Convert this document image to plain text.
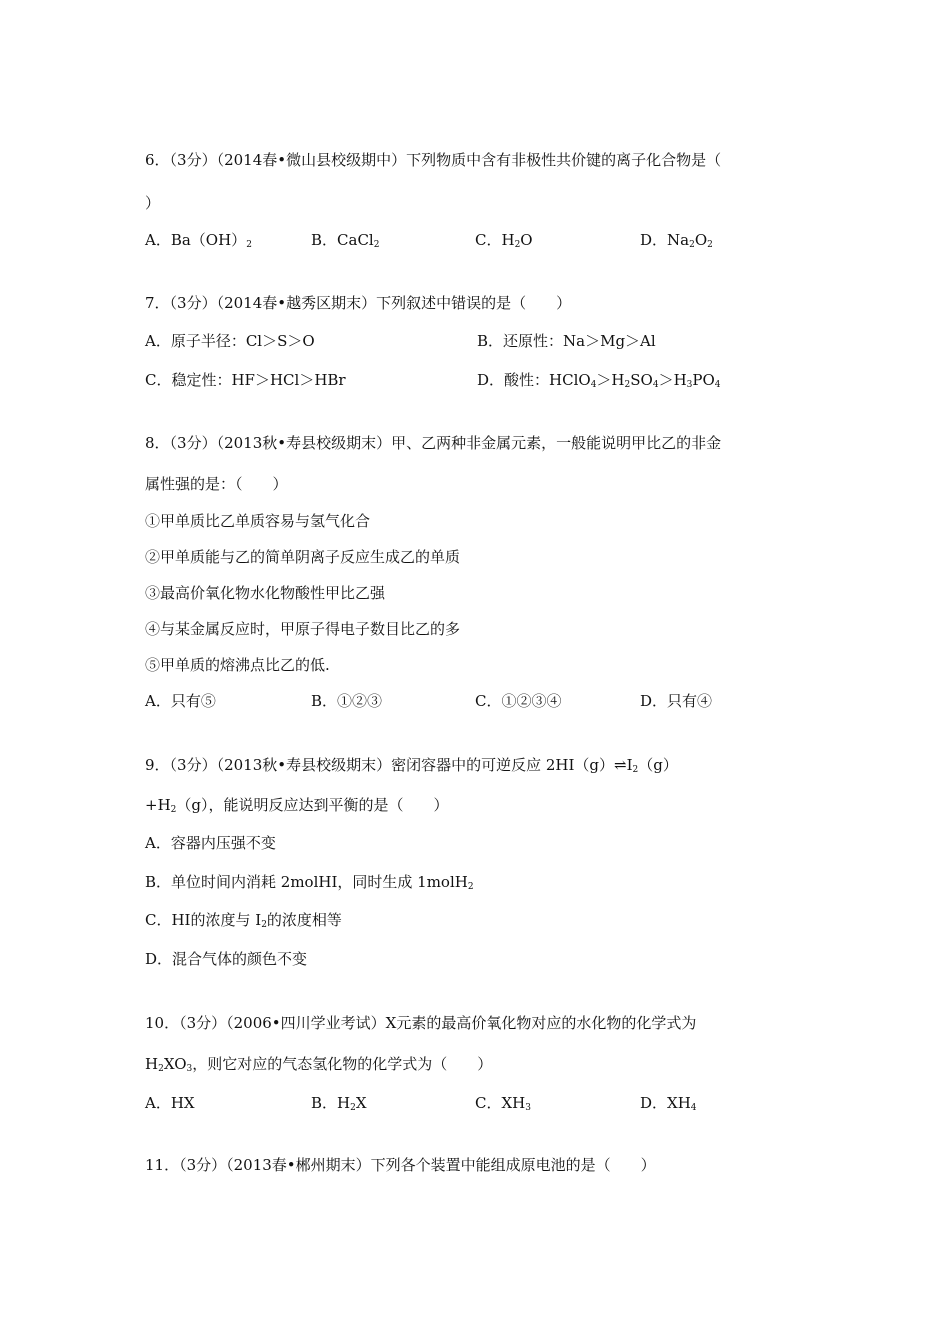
6．（3分）（2014春•微山县校级期中）下列物质中含有非极性共价键的离子化合物是（
）
A．$Ba(OH)_2$	B．CaCl$_2$	C．$H_2O$	D．$Na_2O_2$
7．（3分）（2014春•越秀区期末）下列叙述中错误的是（　　）
A．原子半径：Cl＞S＞O	B．还原性：Na＞Mg＞Al
C．稳定性：HF＞HCl＞HBr	D．酸性：$HClO_4>H_2SO_4>H_3PO_4$
8．（3分）（2013秋•寿县校级期末）甲、乙两种非金属元素，一般能说明甲比乙的非金
属性强的是：（　　）
①甲单质比乙单质容易与氢气化合
②甲单质能与乙的简单阴离子反应生成乙的单质
③最高价氧化物水化物酸性甲比乙强
④与某金属反应时，甲原子得电子数目比乙的多
⑤甲单质的熔沸点比乙的低.
A．只有⑤	B．①②③	C．①②③④	D．只有④
9．（3分）（2013秋•寿县校级期末）密闭容器中的可逆反应 $2HI(g)\rightleftharpoons I_2(g)$
$+H_2(g)$，能说明反应达到平衡的是（　　）
A．容器内压强不变
B．单位时间内消耗 2molHI，同时生成 1molH$_2$
C．HI的浓度与 $I_2$的浓度相等
D．混合气体的颜色不变
10．（3分）（2006•四川学业考试）X元素的最高价氧化物对应的水化物的化学式为
$H_2XO_3$，则它对应的气态氢化物的化学式为（　　）
A．HX	B．$H_2X$	C．$XH_3$	D．$XH_4$
11．（3分）（2013春•郴州期末）下列各个装置中能组成原电池的是（　　）
